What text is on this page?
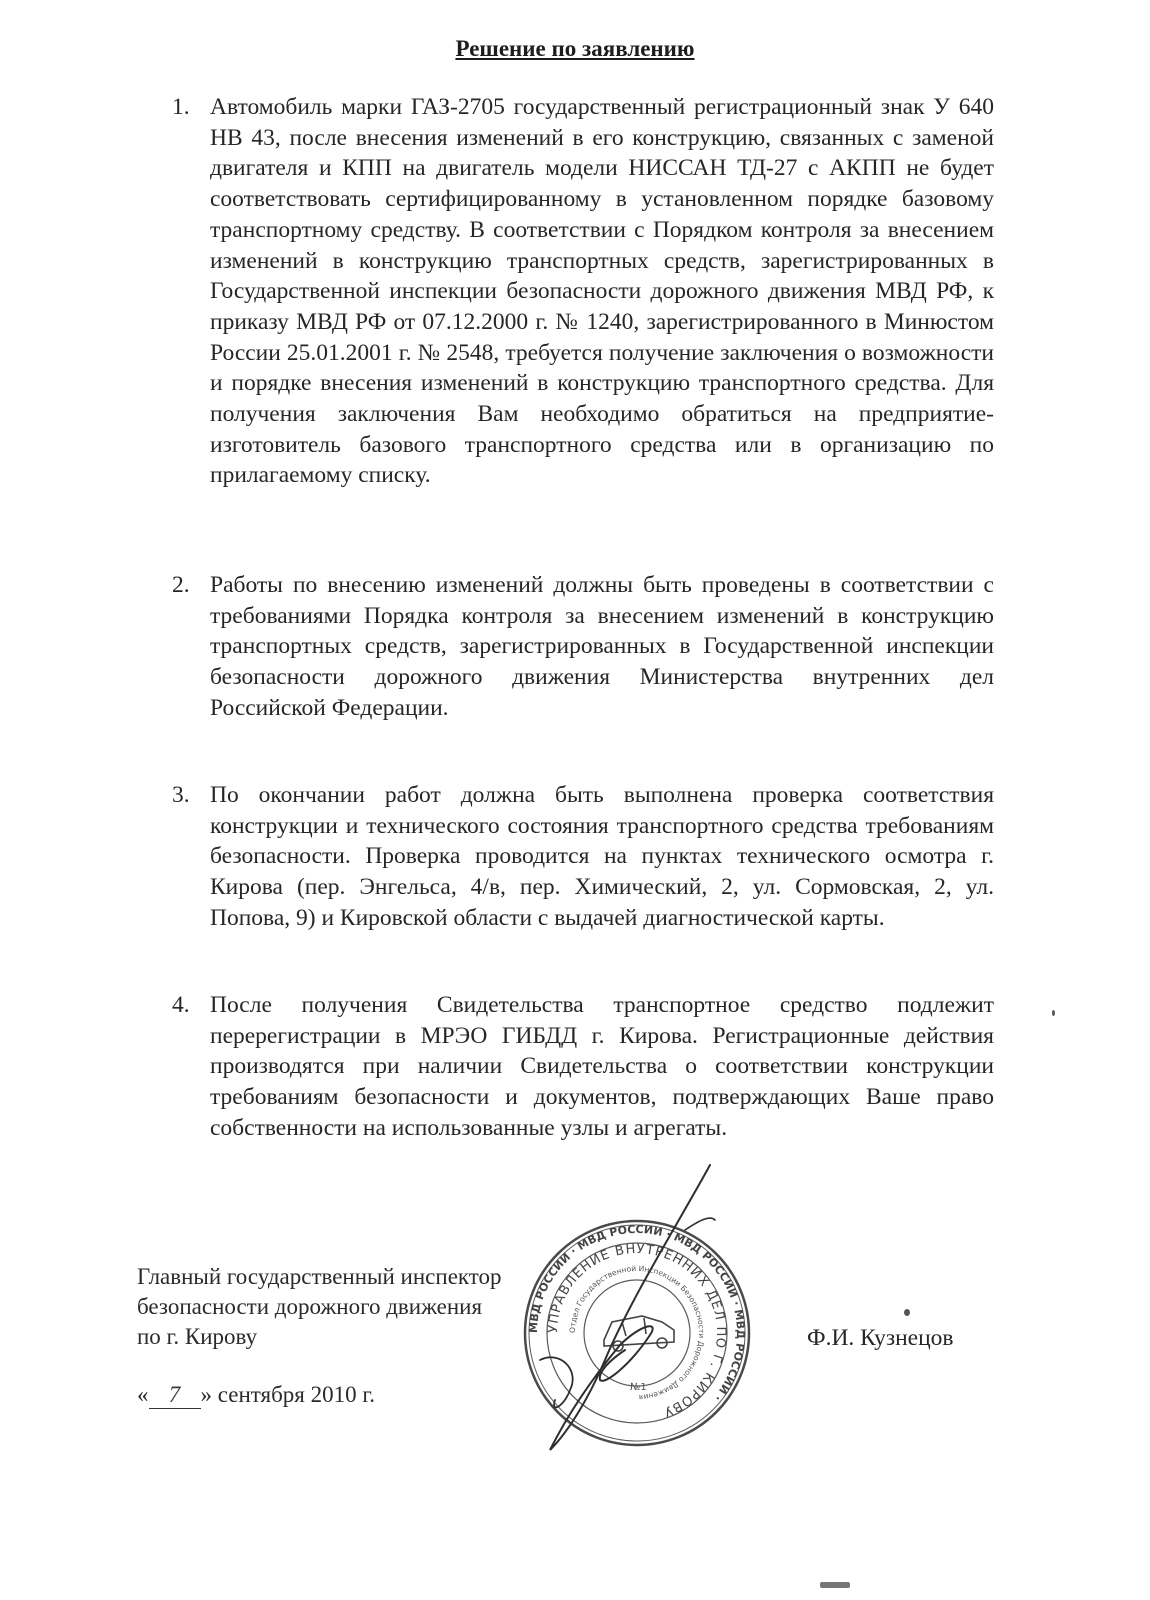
Решение по заявлению
1. Автомобиль марки ГАЗ-2705 государственный регистрационный знак У 640 НВ 43, после внесения изменений в его конструкцию, связанных с заменой двигателя и КПП на двигатель модели НИССАН ТД-27 с АКПП не будет соответствовать сертифицированному в установленном порядке базовому транспортному средству. В соответствии с Порядком контроля за внесением изменений в конструкцию транспортных средств, зарегистрированных в Государственной инспекции безопасности дорожного движения МВД РФ, к приказу МВД РФ от 07.12.2000 г. № 1240, зарегистрированного в Минюстом России 25.01.2001 г. № 2548, требуется получение заключения о возможности и порядке внесения изменений в конструкцию транспортного средства. Для получения заключения Вам необходимо обратиться на предприятие-изготовитель базового транспортного средства или в организацию по прилагаемому списку.
2. Работы по внесению изменений должны быть проведены в соответствии с требованиями Порядка контроля за внесением изменений в конструкцию транспортных средств, зарегистрированных в Государственной инспекции безопасности дорожного движения Министерства внутренних дел Российской Федерации.
3. По окончании работ должна быть выполнена проверка соответствия конструкции и технического состояния транспортного средства требованиям безопасности. Проверка проводится на пунктах технического осмотра г. Кирова (пер. Энгельса, 4/в, пер. Химический, 2, ул. Сормовская, 2, ул. Попова, 9) и Кировской области с выдачей диагностической карты.
4. После получения Свидетельства транспортное средство подлежит перерегистрации в МРЭО ГИБДД г. Кирова. Регистрационные действия производятся при наличии Свидетельства о соответствии конструкции требованиям безопасности и документов, подтверждающих Ваше право собственности на использованные узлы и агрегаты.
Главный государственный инспектор
безопасности дорожного движения
по г. Кирову
« 7 » сентября 2010 г.
Ф.И. Кузнецов
МВД РОССИИ · МВД РОССИИ · МВД РОССИИ · МВД РОССИИ ·
УПРАВЛЕНИЕ ВНУТРЕННИХ ДЕЛ ПО Г. КИРОВУ
Отдел Государственной Инспекции Безопасности Дорожного Движения
№1
